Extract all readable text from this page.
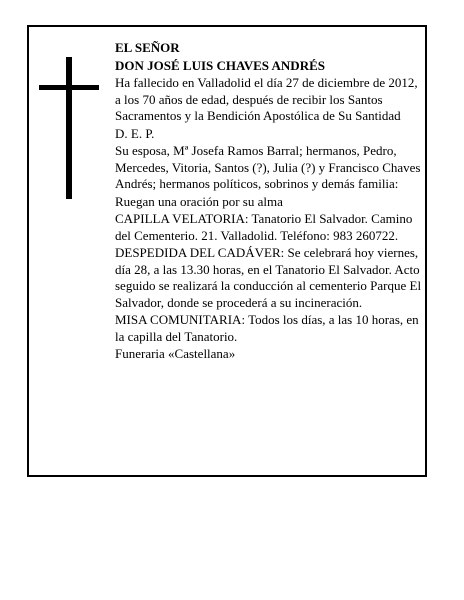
EL SEÑOR

DON JOSÉ LUIS CHAVES ANDRÉS

Ha fallecido en Valladolid el día 27 de diciembre de 2012, a los 70 años de edad, después de recibir los Santos Sacramentos y la Bendición Apostólica de Su Santidad

D. E. P.

Su esposa, Mª Josefa Ramos Barral; hermanos, Pedro, Mercedes, Vitoria, Santos (?), Julia (?) y Francisco Chaves Andrés; hermanos políticos, sobrinos y demás familia:

Ruegan una oración por su alma

CAPILLA VELATORIA: Tanatorio El Salvador. Camino del Cementerio. 21. Valladolid. Teléfono: 983 260722.

DESPEDIDA DEL CADÁVER: Se celebrará hoy viernes, día 28, a las 13.30 horas, en el Tanatorio El Salvador. Acto seguido se realizará la conducción al cementerio Parque El Salvador, donde se procederá a su incineración.

MISA COMUNITARIA: Todos los días, a las 10 horas, en la capilla del Tanatorio.

Funeraria «Castellana»
